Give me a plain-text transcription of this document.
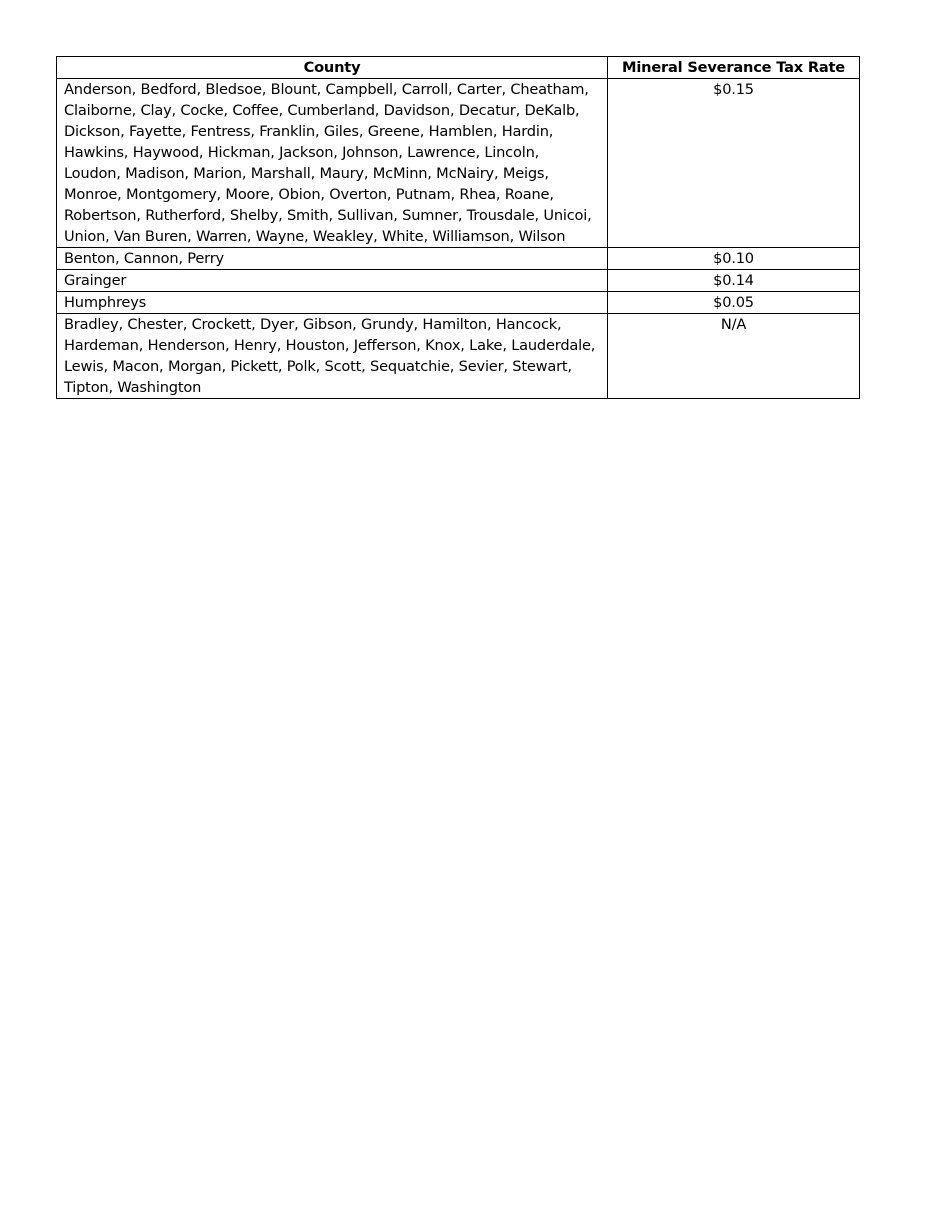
County	Mineral Severance Tax Rate
Anderson, Bedford, Bledsoe, Blount, Campbell, Carroll, Carter, Cheatham, Claiborne, Clay, Cocke, Coffee, Cumberland, Davidson, Decatur, DeKalb, Dickson, Fayette, Fentress, Franklin, Giles, Greene, Hamblen, Hardin, Hawkins, Haywood, Hickman, Jackson, Johnson, Lawrence, Lincoln, Loudon, Madison, Marion, Marshall, Maury, McMinn, McNairy, Meigs, Monroe, Montgomery, Moore, Obion, Overton, Putnam, Rhea, Roane, Robertson, Rutherford, Shelby, Smith, Sullivan, Sumner, Trousdale, Unicoi, Union, Van Buren, Warren, Wayne, Weakley, White, Williamson, Wilson	$0.15
Benton, Cannon, Perry	$0.10
Grainger	$0.14
Humphreys	$0.05
Bradley, Chester, Crockett, Dyer, Gibson, Grundy, Hamilton, Hancock, Hardeman, Henderson, Henry, Houston, Jefferson, Knox, Lake, Lauderdale, Lewis, Macon, Morgan, Pickett, Polk, Scott, Sequatchie, Sevier, Stewart, Tipton, Washington	N/A
